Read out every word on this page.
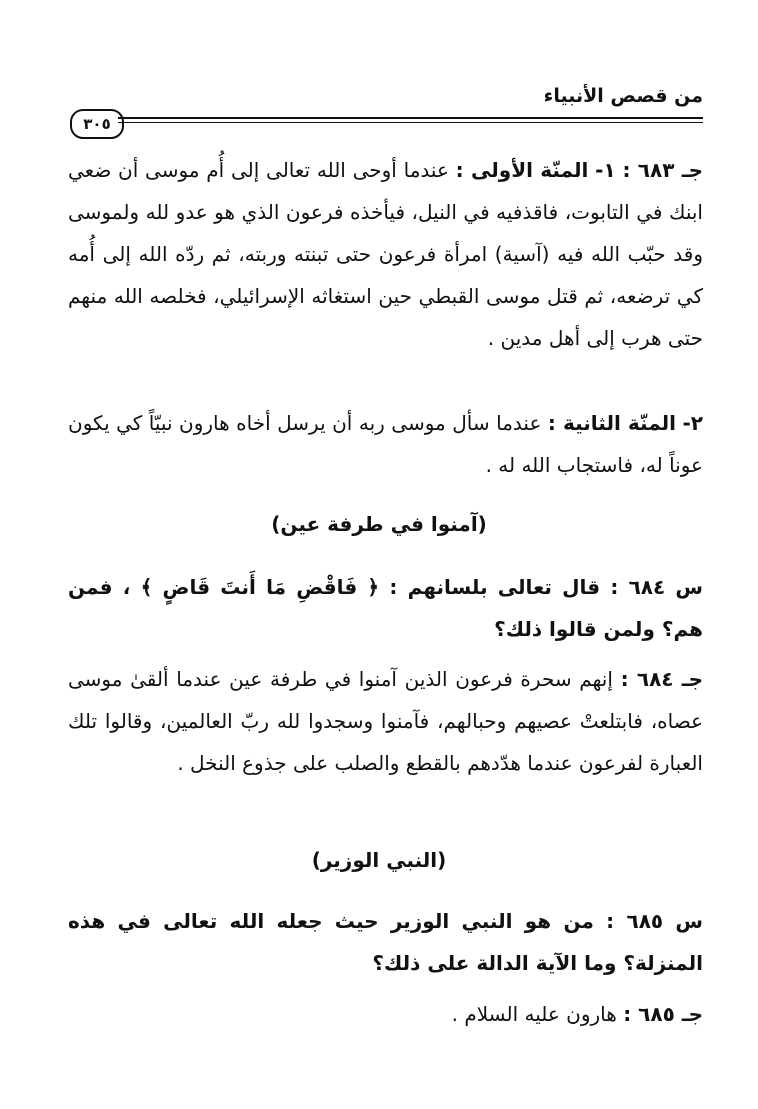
من قصص الأنبياء
٣٠٥
جـ ٦٨٣ : ١- المنّة الأولى : عندما أوحى الله تعالى إلى أُم موسى أن ضعي ابنك في التابوت، فاقذفيه في النيل، فيأخذه فرعون الذي هو عدو لله ولموسى وقد حبّب الله فيه (آسية) امرأة فرعون حتى تبنته وربته، ثم ردّه الله إلى أُمه كي ترضعه، ثم قتل موسى القبطي حين استغاثه الإسرائيلي، فخلصه الله منهم حتى هرب إلى أهل مدين .
٢- المنّة الثانية : عندما سأل موسى ربه أن يرسل أخاه هارون نبيّاً كي يكون عوناً له، فاستجاب الله له .
(آمنوا في طرفة عين)
س ٦٨٤ : قال تعالى بلسانهم : ﴿ فَاقْضِ مَا أَنتَ قَاضٍ ﴾ ، فمن هم؟ ولمن قالوا ذلك؟
جـ ٦٨٤ : إنهم سحرة فرعون الذين آمنوا في طرفة عين عندما ألقىٰ موسى عصاه، فابتلعتْ عصيهم وحبالهم، فآمنوا وسجدوا لله ربّ العالمين، وقالوا تلك العبارة لفرعون عندما هدّدهم بالقطع والصلب على جذوع النخل .
(النبي الوزير)
س ٦٨٥ : من هو النبي الوزير حيث جعله الله تعالى في هذه المنزلة؟ وما الآية الدالة على ذلك؟
جـ ٦٨٥ : هارون عليه السلام .
